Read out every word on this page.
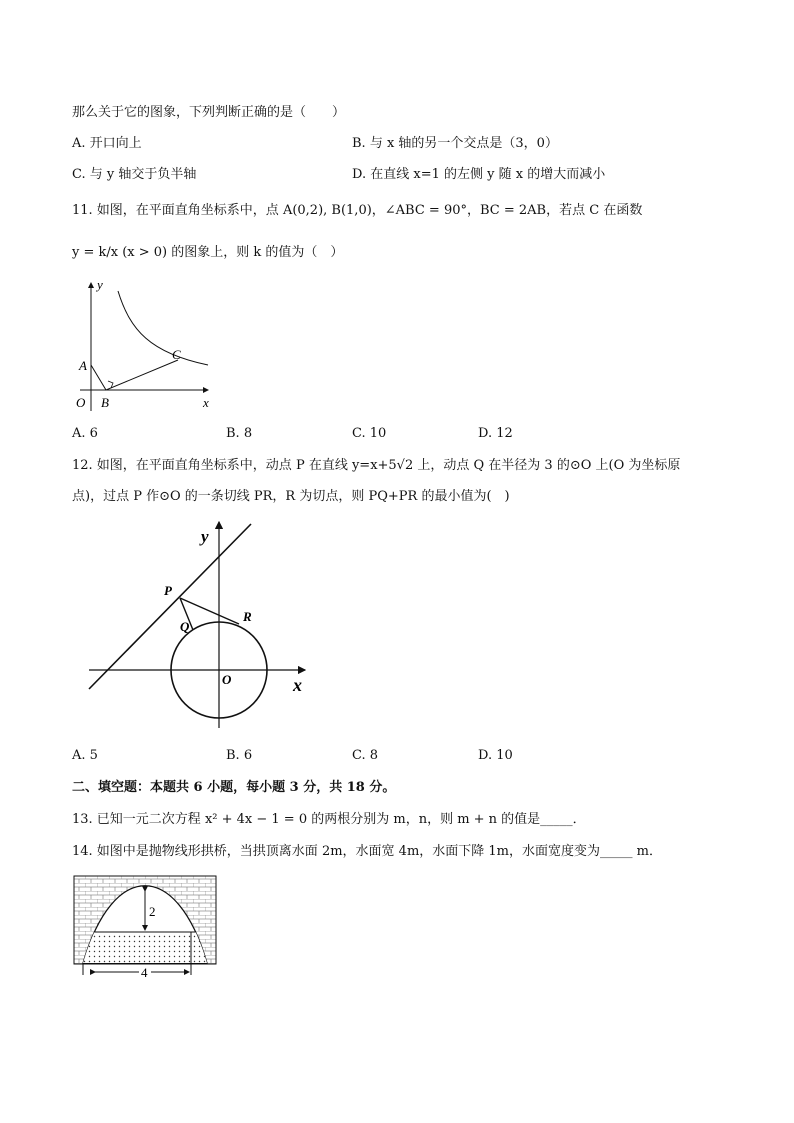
那么关于它的图象，下列判断正确的是（　　）
A. 开口向上	B. 与 x 轴的另一个交点是（3，0）
C. 与 y 轴交于负半轴	D. 在直线 x=1 的左侧 y 随 x 的增大而减小
11. 如图，在平面直角坐标系中，点 A(0,2), B(1,0)，∠ABC = 90°，BC = 2AB，若点 C 在函数
y = k/x (x > 0) 的图象上，则 k 的值为（　）
y
A
C
O B	x
A. 6	B. 8	C. 10	D. 12
12. 如图，在平面直角坐标系中，动点 P 在直线 y=x+5√2 上，动点 Q 在半径为 3 的⊙O 上(O 为坐标原
点)，过点 P 作⊙O 的一条切线 PR，R 为切点，则 PQ+PR 的最小值为(　)
y
P
Q
R
O	x
A. 5	B. 6	C. 8	D. 10
二、填空题：本题共 6 小题，每小题 3 分，共 18 分。
13. 已知一元二次方程 x² + 4x − 1 = 0 的两根分别为 m，n，则 m + n 的值是_____．
14. 如图中是抛物线形拱桥，当拱顶离水面 2m，水面宽 4m，水面下降 1m，水面宽度变为_____ m．
2
4
